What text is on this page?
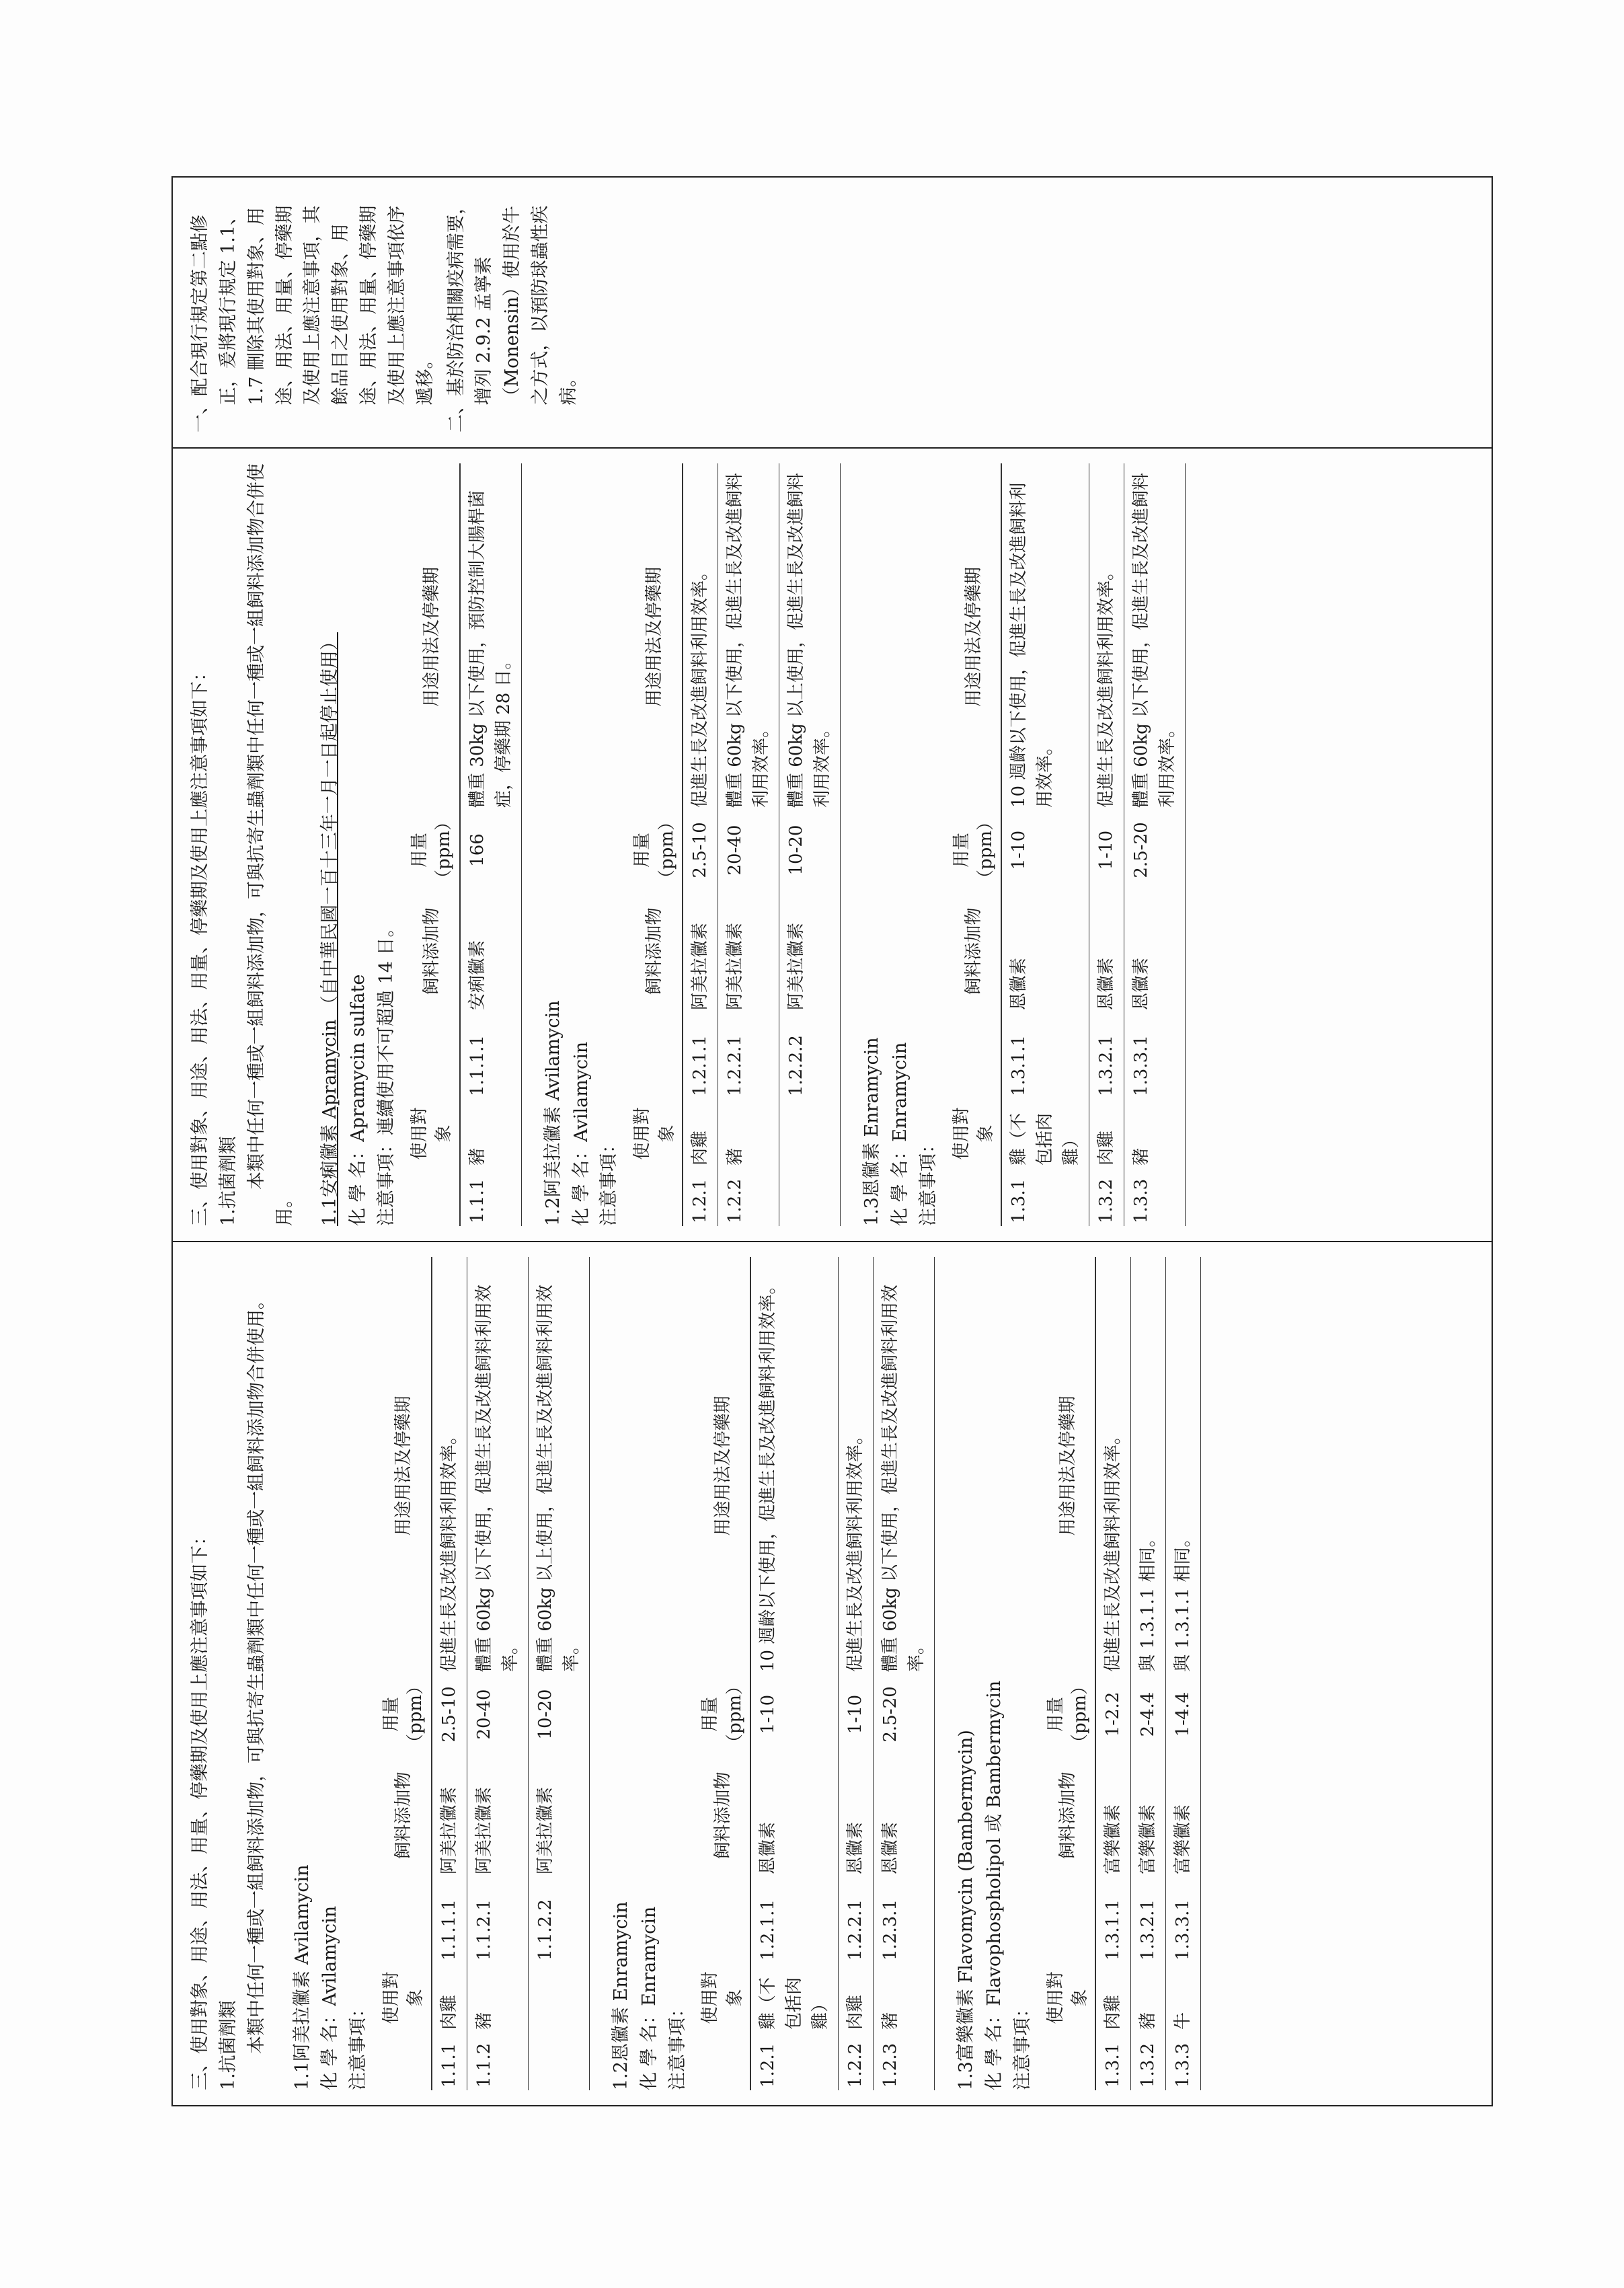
三、使用對象、用途、用法、用量、停藥期及使用上應注意事項如下： 1.抗菌劑類 本類中任何一種或一組飼料添加物，可與抗寄生蟲劑類中任何一種或一組飼料添加物合併使用。 1.1阿美拉黴素 Avilamycin 化 學 名：Avilamycin 注意事項：

	使用對象		飼料添加物	用量（ppm）	用途用法及停藥期
1.1.1	肉雞	1.1.1.1	阿美拉黴素	2.5-10	促進生長及改進飼料利用效率。
1.1.2	豬	1.1.2.1	阿美拉黴素	20-40	體重 60kg 以下使用，促進生長及改進飼料利用效率。
		1.1.2.2	阿美拉黴素	10-20	體重 60kg 以上使用，促進生長及改進飼料利用效率。

1.2恩黴素 Enramycin 化 學 名：Enramycin 注意事項：

	使用對象		飼料添加物	用量（ppm）	用途用法及停藥期
1.2.1	雞（不包括肉雞）	1.2.1.1	恩黴素	1-10	10 週齡以下使用，促進生長及改進飼料利用效率。
1.2.2	肉雞	1.2.2.1	恩黴素	1-10	促進生長及改進飼料利用效率。
1.2.3	豬	1.2.3.1	恩黴素	2.5-20	體重 60kg 以下使用，促進生長及改進飼料利用效率。

1.3富樂黴素 Flavomycin (Bambermycin) 化 學 名：Flavophospholipol 或 Bambermycin 注意事項：

	使用對象		飼料添加物	用量（ppm）	用途用法及停藥期
1.3.1	肉雞	1.3.1.1	富樂黴素	1-2.2	促進生長及改進飼料利用效率。
1.3.2	豬	1.3.2.1	富樂黴素	2-4.4	與 1.3.1.1 相同。
1.3.3	牛	1.3.3.1	富樂黴素	1-4.4	與 1.3.1.1 相同。

三、使用對象、用途、用法、用量、停藥期及使用上應注意事項如下： 1.抗菌劑類 本類中任何一種或一組飼料添加物，可與抗寄生蟲劑類中任何一種或一組飼料添加物合併使用。 1.1安痢黴素 Apramycin （自中華民國一百十三年一月一日起停止使用） 化 學 名：Apramycin sulfate 注意事項：連續使用不可超過 14 日。

	使用對象		飼料添加物	用量（ppm）	用途用法及停藥期
1.1.1	豬	1.1.1.1	安痢黴素	166	體重 30kg 以下使用，預防控制大腸桿菌症，停藥期 28 日。

1.2阿美拉黴素 Avilamycin 化 學 名：Avilamycin 注意事項：

	使用對象		飼料添加物	用量（ppm）	用途用法及停藥期
1.2.1	肉雞	1.2.1.1	阿美拉黴素	2.5-10	促進生長及改進飼料利用效率。
1.2.2	豬	1.2.2.1	阿美拉黴素	20-40	體重 60kg 以下使用，促進生長及改進飼料利用效率。
		1.2.2.2	阿美拉黴素	10-20	體重 60kg 以上使用，促進生長及改進飼料利用效率。

1.3恩黴素 Enramycin 化 學 名：Enramycin 注意事項：

	使用對象		飼料添加物	用量（ppm）	用途用法及停藥期
1.3.1	雞（不包括肉雞）	1.3.1.1	恩黴素	1-10	10 週齡以下使用，促進生長及改進飼料利用效率。
1.3.2	肉雞	1.3.2.1	恩黴素	1-10	促進生長及改進飼料利用效率。
1.3.3	豬	1.3.3.1	恩黴素	2.5-20	體重 60kg 以下使用，促進生長及改進飼料利用效率。

一、配合現行規定第二點修正，爰將現行規定 1.1、1.7 刪除其使用對象、用途、用法、用量、停藥期及使用上應注意事項，其餘品目之使用對象、用途、用法、用量、停藥期及使用上應注意事項依序遞移。 二、基於防治相關疫病需要，增列 2.9.2 孟寧素（Monensin）使用於牛之方式，以預防球蟲性疾病。
